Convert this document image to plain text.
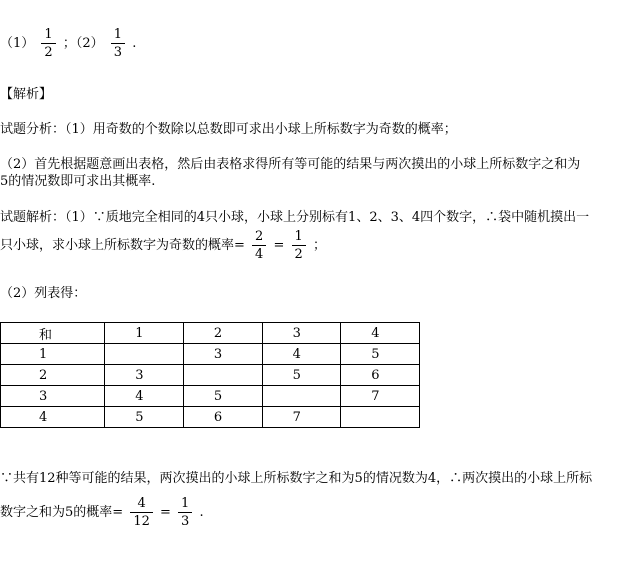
$(1) \frac{1}{2}$ ；$(2) \frac{1}{3}$ .
【解析】
试题分析：（1）用奇数的个数除以总数即可求出小球上所标数字为奇数的概率；
（2）首先根据题意画出表格，然后由表格求得所有等可能的结果与两次摸出的小球上所标数字之和为
5的情况数即可求出其概率.
试题解析：（1）∵质地完全相同的4只小球，小球上分别标有1、2、3、4四个数字，∴袋中随机摸出一
只小球，求小球上所标数字为奇数的概率= $\frac{2}{4} = \frac{1}{2}$ ；
（2）列表得：
和	1	2	3	4
1		3	4	5
2	3		5	6
3	4	5		7
4	5	6	7	
∵共有12种等可能的结果，两次摸出的小球上所标数字之和为5的情况数为4，∴两次摸出的小球上所标
数字之和为5的概率= $\frac{4}{12} = \frac{1}{3}$ .
